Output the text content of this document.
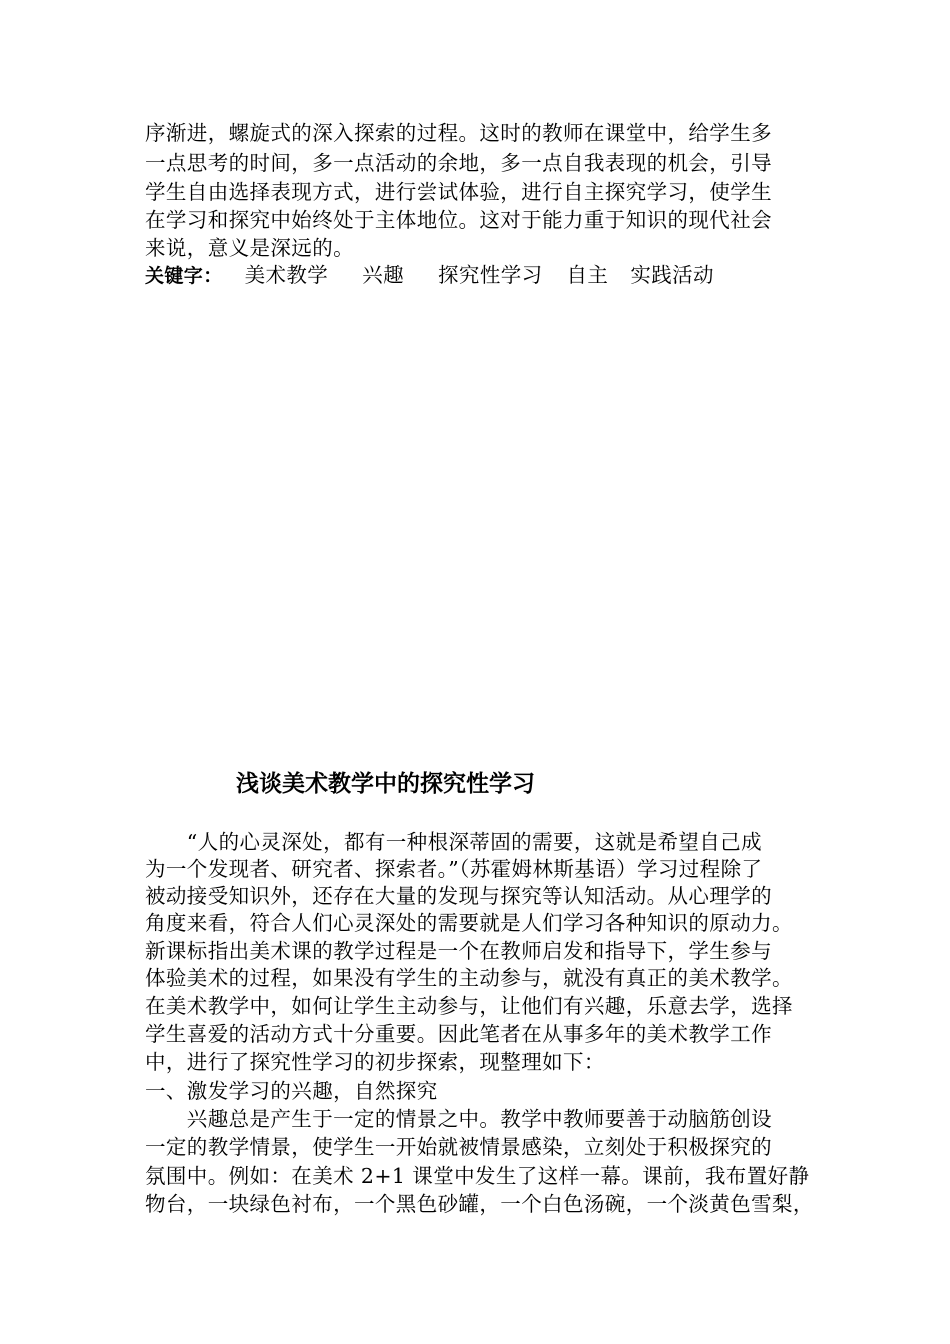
序渐进，螺旋式的深入探索的过程。这时的教师在课堂中，给学生多
一点思考的时间，多一点活动的余地，多一点自我表现的机会，引导
学生自由选择表现方式，进行尝试体验，进行自主探究学习，使学生
在学习和探究中始终处于主体地位。这对于能力重于知识的现代社会
来说，意义是深远的。
关键字： 美术教学 兴趣 探究性学习 自主 实践活动
浅谈美术教学中的探究性学习
　　“人的心灵深处，都有一种根深蒂固的需要，这就是希望自己成
为一个发现者、研究者、探索者。”（苏霍姆林斯基语）学习过程除了
被动接受知识外，还存在大量的发现与探究等认知活动。从心理学的
角度来看，符合人们心灵深处的需要就是人们学习各种知识的原动力。
新课标指出美术课的教学过程是一个在教师启发和指导下，学生参与
体验美术的过程，如果没有学生的主动参与，就没有真正的美术教学。
在美术教学中，如何让学生主动参与，让他们有兴趣，乐意去学，选择
学生喜爱的活动方式十分重要。因此笔者在从事多年的美术教学工作
中，进行了探究性学习的初步探索，现整理如下：
一、激发学习的兴趣，自然探究
　　兴趣总是产生于一定的情景之中。教学中教师要善于动脑筋创设
一定的教学情景，使学生一开始就被情景感染，立刻处于积极探究的
氛围中。例如：在美术 2+1 课堂中发生了这样一幕。课前，我布置好静
物台，一块绿色衬布，一个黑色砂罐，一个白色汤碗，一个淡黄色雪梨，
